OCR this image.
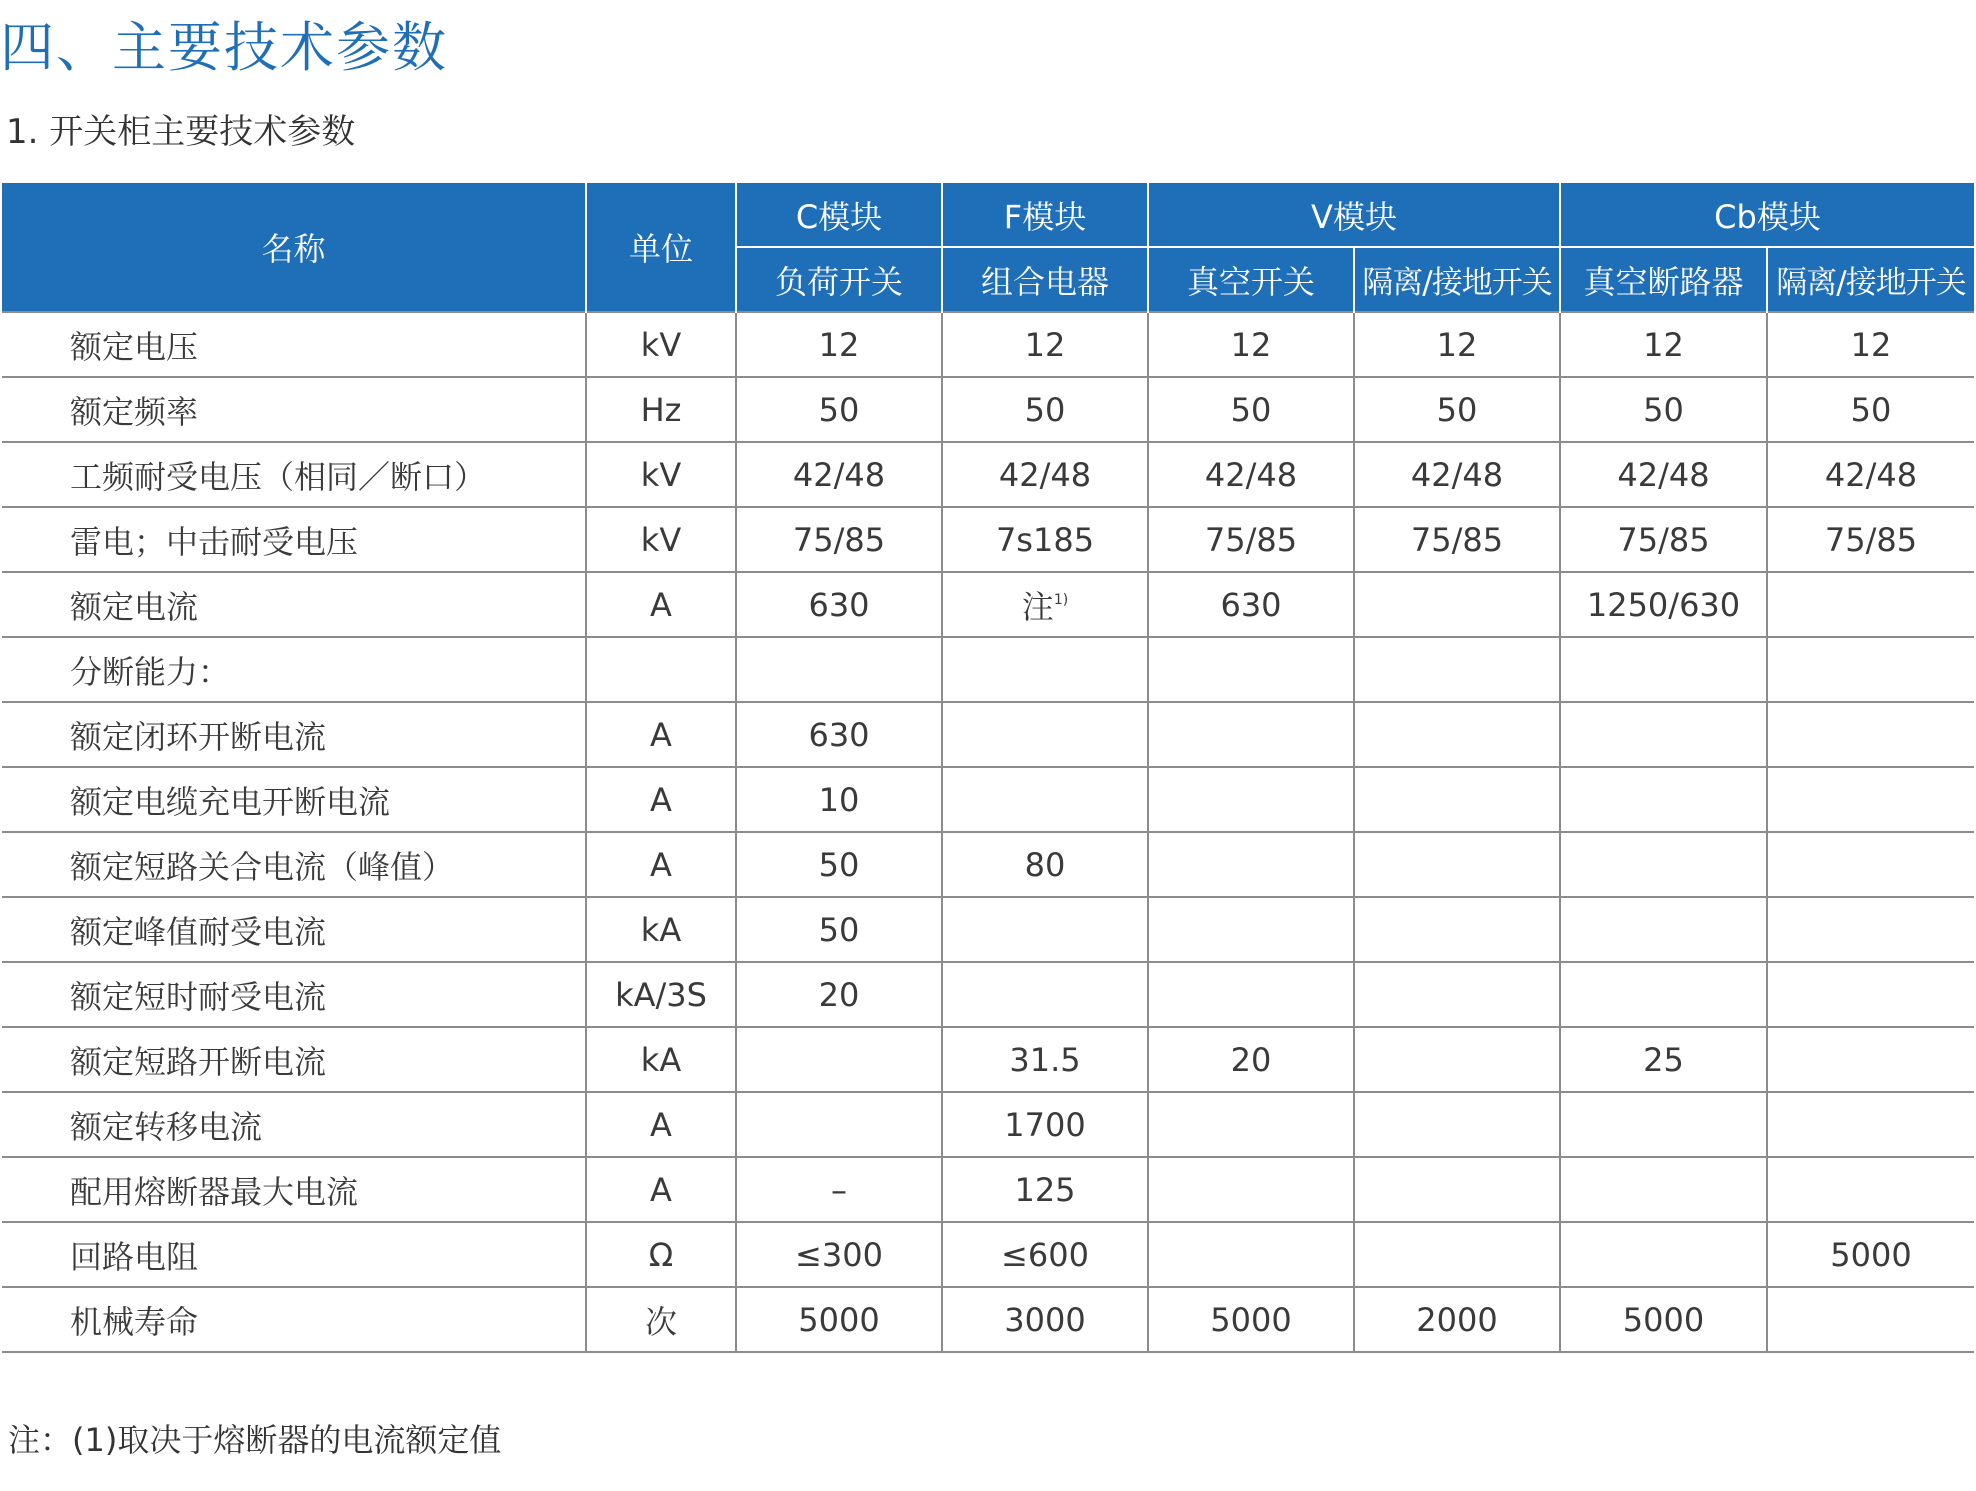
四、主要技术参数
1. 开关柜主要技术参数
名称	单位	C模块	F模块	V模块		Cb模块	
		负荷开关	组合电器	真空开关	隔离/接地开关	真空断路器	隔离/接地开关
额定电压	kV	12	12	12	12	12	12
额定频率	Hz	50	50	50	50	50	50
工频耐受电压（相同／断口）	kV	42/48	42/48	42/48	42/48	42/48	42/48
雷电；中击耐受电压	kV	75/85	7s185	75/85	75/85	75/85	75/85
额定电流	A	630	注$^{1)}$	630		1250/630	
分断能力：							
额定闭环开断电流	A	630					
额定电缆充电开断电流	A	10					
额定短路关合电流（峰值）	A	50	80				
额定峰值耐受电流	kA	50					
额定短时耐受电流	kA/3S	20					
额定短路开断电流	kA		31.5	20		25	
额定转移电流	A		1700				
配用熔断器最大电流	A	–	125				
回路电阻	Ω	≤300	≤600				5000
机械寿命	次	5000	3000	5000	2000	5000	
注：(1)取决于熔断器的电流额定值
